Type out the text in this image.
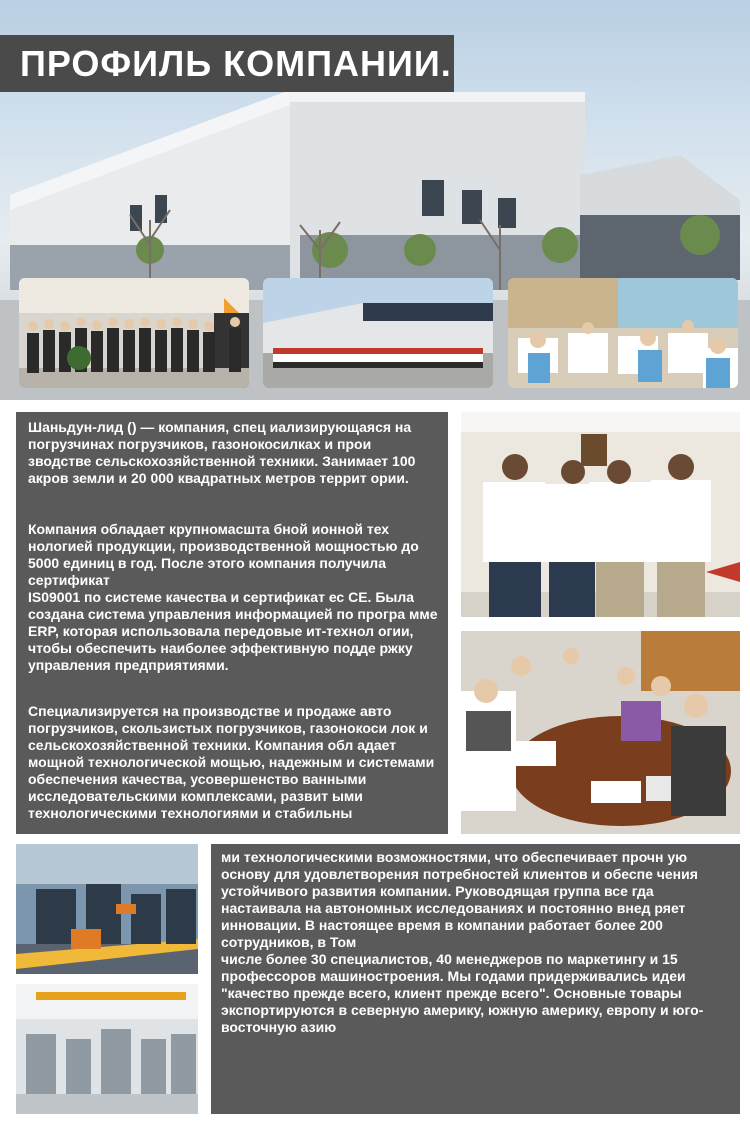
ПРОФИЛЬ КОМПАНИИ.

Шаньдун-лид () — компания, спец иализирующаяся на погрузчинах погрузчиков, газонокосилках и прои зводстве сельскохозяйственной техники. Занимает 100 акров земли и 20 000 квадратных метров террит ории.

Компания обладает крупномасшта бной ионной тех нологией продукции, производственной мощностью до 5000 единиц в год. После этого компания получила сертификат
IS09001 по системе качества и сертификат ес CE. Была создана система управления информацией по програ мме ERP, которая использовала передовые ит-технол огии, чтобы обеспечить наиболее эффективную подде ржку управления предприятиями.

Специализируется на производстве и продаже авто погрузчиков, скользистых погрузчиков, газонокоси лок и сельскохозяйственной техники. Компания обл адает мощной технологической мощью, надежным и системами обеспечения качества, усовершенство ванными исследовательскими комплексами, развит ыми технологическими технологиями и стабильны

ми технологическими возможностями, что обеспечивает прочн ую основу для удовлетворения потребностей клиентов и обеспе чения устойчивого развития компании. Руководящая группа все гда настаивала на автономных исследованиях и постоянно внед ряет инновации. В настоящее время в компании работает более 200 сотрудников, в Том
числе более 30 специалистов, 40 менеджеров по маркетингу и 15 профессоров машиностроения. Мы годами придерживались идеи "качество прежде всего, клиент прежде всего". Основные товары экспортируются в северную америку, южную америку, европу и юго-восточную азию
